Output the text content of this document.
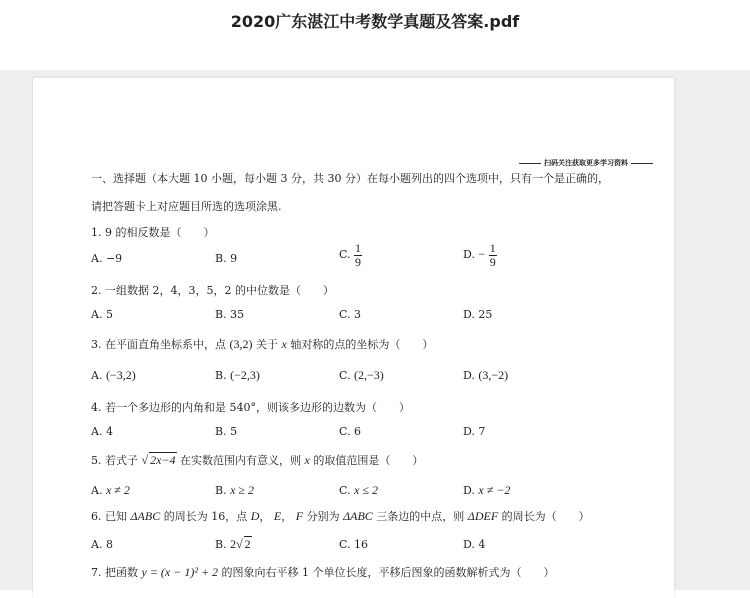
2020广东湛江中考数学真题及答案.pdf
扫码关注获取更多学习资料
一、选择题（本大题 10 小题，每小题 3 分，共 30 分）在每小题列出的四个选项中，只有一个是正确的，
请把答题卡上对应题目所选的选项涂黑.
1. 9 的相反数是（　　）
A. −9	B. 9	C. $\frac{1}{9}$	D. − $\frac{1}{9}$
2. 一组数据 2，4，3，5，2 的中位数是（　　）
A. 5	B. 35	C. 3	D. 25
3. 在平面直角坐标系中，点 (3,2) 关于 x 轴对称的点的坐标为（　　）
A. (−3,2)	B. (−2,3)	C. (2,−3)	D. (3,−2)
4. 若一个多边形的内角和是 540°，则该多边形的边数为（　　）
A. 4	B. 5	C. 6	D. 7
5. 若式子 √ 2x−4 在实数范围内有意义，则 x 的取值范围是（　　）
A. x ≠ 2	B. x ≥ 2	C. x ≤ 2	D. x ≠ −2
6. 已知 ΔABC 的周长为 16，点 D， E， F 分别为 ΔABC 三条边的中点，则 ΔDEF 的周长为（　　）
A. 8	B. 2√ 2	C. 16	D. 4
7. 把函数 y = (x − 1)² + 2 的图象向右平移 1 个单位长度，平移后图象的函数解析式为（　　）
